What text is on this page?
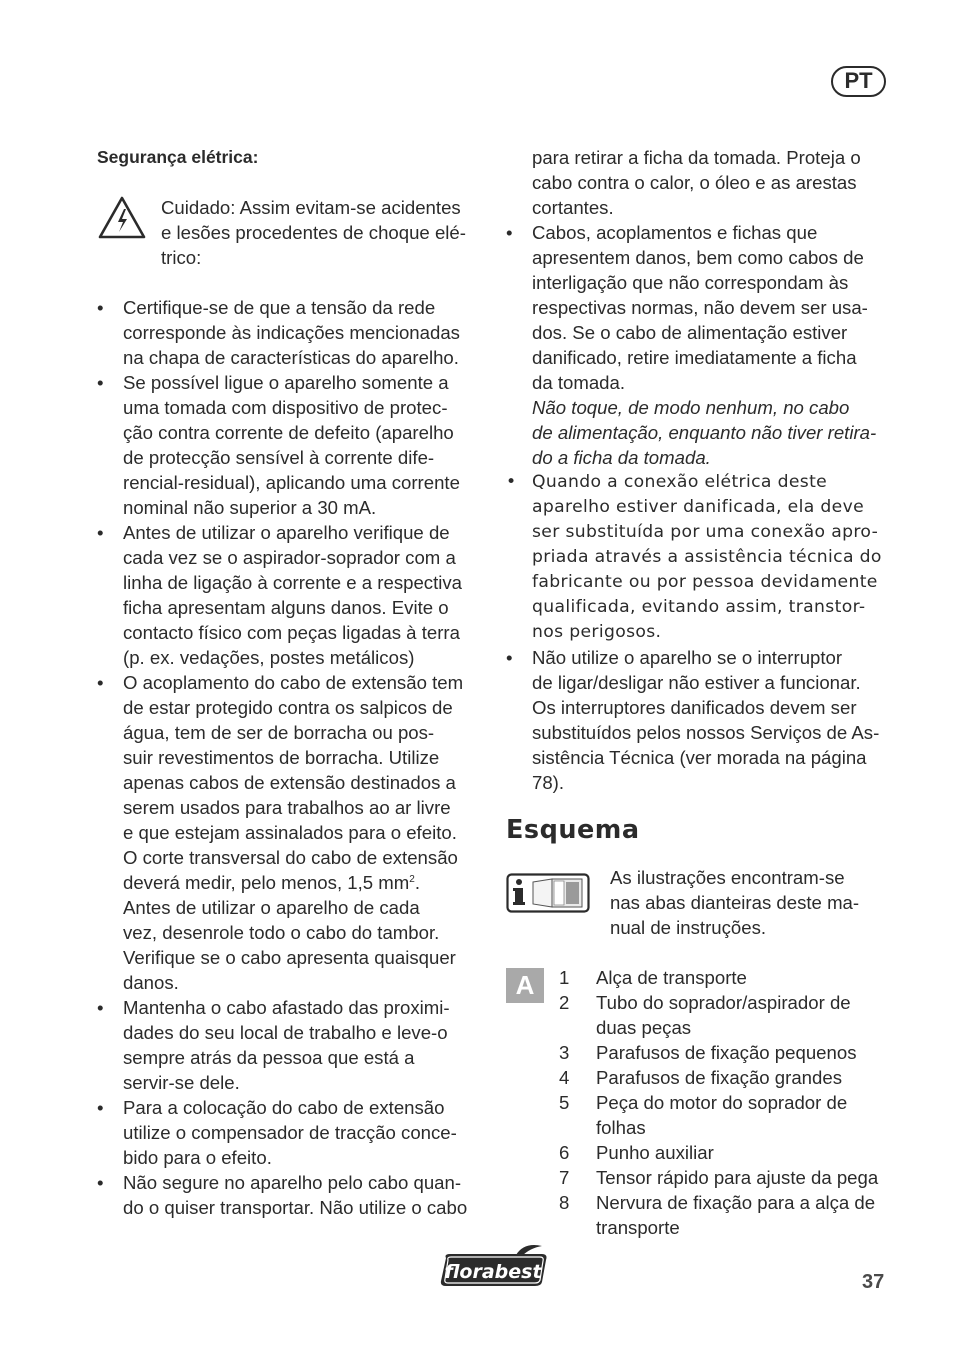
PT
Segurança elétrica:
Cuidado: Assim evitam-se acidentes
e lesões procedentes de choque elé-
trico:
• Certifique-se de que a tensão da rede
corresponde às indicações mencionadas
na chapa de características do aparelho.
• Se possível ligue o aparelho somente a
uma tomada com dispositivo de protec-
ção contra corrente de defeito (aparelho
de protecção sensível à corrente dife-
rencial-residual), aplicando uma corrente
nominal não superior a 30 mA.
• Antes de utilizar o aparelho verifique de
cada vez se o aspirador-soprador com a
linha de ligação à corrente e a respectiva
ficha apresentam alguns danos. Evite o
contacto físico com peças ligadas à terra
(p. ex. vedações, postes metálicos)
• O acoplamento do cabo de extensão tem
de estar protegido contra os salpicos de
água, tem de ser de borracha ou pos-
suir revestimentos de borracha. Utilize
apenas cabos de extensão destinados a
serem usados para trabalhos ao ar livre
e que estejam assinalados para o efeito.
O corte transversal do cabo de extensão
deverá medir, pelo menos, 1,5 $mm^2$.
Antes de utilizar o aparelho de cada
vez, desenrole todo o cabo do tambor.
Verifique se o cabo apresenta quaisquer
danos.
• Mantenha o cabo afastado das proximi-
dades do seu local de trabalho e leve-o
sempre atrás da pessoa que está a
servir-se dele.
• Para a colocação do cabo de extensão
utilize o compensador de tracção conce-
bido para o efeito.
• Não segure no aparelho pelo cabo quan-
do o quiser transportar. Não utilize o cabo
para retirar a ficha da tomada. Proteja o
cabo contra o calor, o óleo e as arestas
cortantes.
• Cabos, acoplamentos e fichas que
apresentem danos, bem como cabos de
interligação que não correspondam às
respectivas normas, não devem ser usa-
dos. Se o cabo de alimentação estiver
danificado, retire imediatamente a ficha
da tomada.
Não toque, de modo nenhum, no cabo
de alimentação, enquanto não tiver retira-
do a ficha da tomada.
• Quando a conexão elétrica deste
aparelho estiver danificada, ela deve
ser substituída por uma conexão apro-
priada através a assistência técnica do
fabricante ou por pessoa devidamente
qualificada, evitando assim, transtor-
nos perigosos.
• Não utilize o aparelho se o interruptor
de ligar/desligar não estiver a funcionar.
Os interruptores danificados devem ser
substituídos pelos nossos Serviços de As-
sistência Técnica (ver morada na página
78).
Esquema
As ilustrações encontram-se
nas abas dianteiras deste ma-
nual de instruções.
A	1 Alça de transporte
2 Tubo do soprador/aspirador de
duas peças
3 Parafusos de fixação pequenos
4 Parafusos de fixação grandes
5 Peça do motor do soprador de
folhas
6 Punho auxiliar
7 Tensor rápido para ajuste da pega
8 Nervura de fixação para a alça de
transporte
florabest	37
